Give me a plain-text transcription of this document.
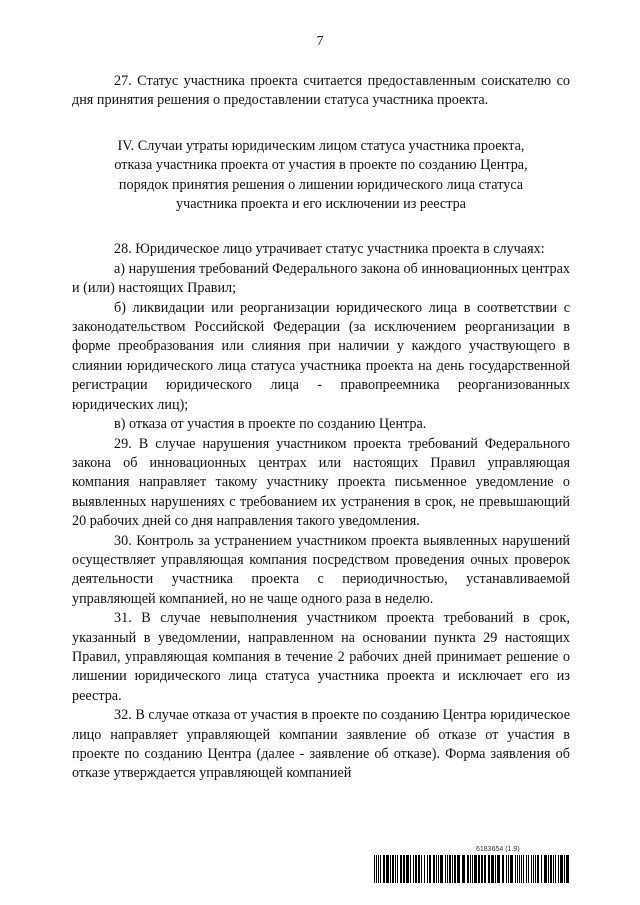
7

27. Статус участника проекта считается предоставленным соискателю со дня принятия решения о предоставлении статуса участника проекта.

IV. Случаи утраты юридическим лицом статуса участника проекта,
отказа участника проекта от участия в проекте по созданию Центра,
порядок принятия решения о лишении юридического лица статуса
участника проекта и его исключении из реестра

28. Юридическое лицо утрачивает статус участника проекта в случаях:

а) нарушения требований Федерального закона об инновационных центрах и (или) настоящих Правил;

б) ликвидации или реорганизации юридического лица в соответствии с законодательством Российской Федерации (за исключением реорганизации в форме преобразования или слияния при наличии у каждого участвующего в слиянии юридического лица статуса участника проекта на день государственной регистрации юридического лица - правопреемника реорганизованных юридических лиц);

в) отказа от участия в проекте по созданию Центра.

29. В случае нарушения участником проекта требований Федерального закона об инновационных центрах или настоящих Правил управляющая компания направляет такому участнику проекта письменное уведомление о выявленных нарушениях с требованием их устранения в срок, не превышающий 20 рабочих дней со дня направления такого уведомления.

30. Контроль за устранением участником проекта выявленных нарушений осуществляет управляющая компания посредством проведения очных проверок деятельности участника проекта с периодичностью, устанавливаемой управляющей компанией, но не чаще одного раза в неделю.

31. В случае невыполнения участником проекта требований в срок, указанный в уведомлении, направленном на основании пункта 29 настоящих Правил, управляющая компания в течение 2 рабочих дней принимает решение о лишении юридического лица статуса участника проекта и исключает его из реестра.

32. В случае отказа от участия в проекте по созданию Центра юридическое лицо направляет управляющей компании заявление об отказе от участия в проекте по созданию Центра (далее - заявление об отказе). Форма заявления об отказе утверждается управляющей компанией

6183654 (1.9)
